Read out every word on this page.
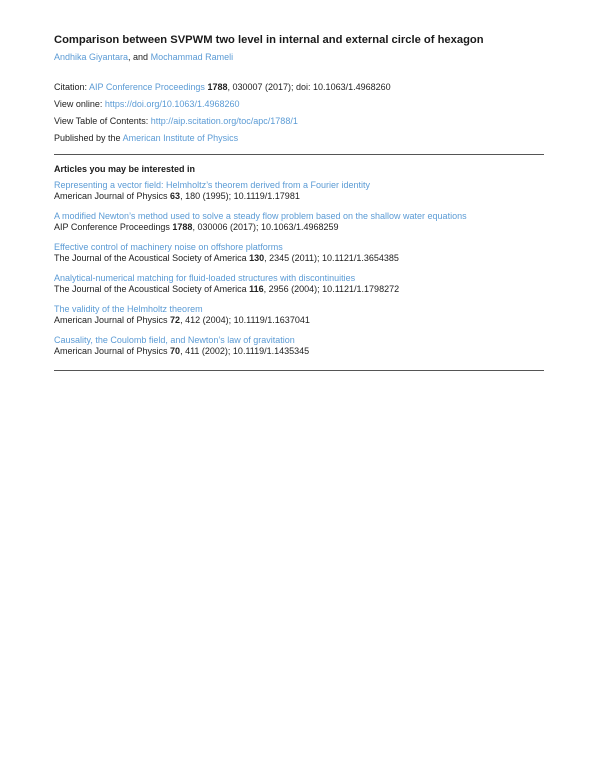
Comparison between SVPWM two level in internal and external circle of hexagon
Andhika Giyantara, and Mochammad Rameli
Citation: AIP Conference Proceedings 1788, 030007 (2017); doi: 10.1063/1.4968260
View online: https://doi.org/10.1063/1.4968260
View Table of Contents: http://aip.scitation.org/toc/apc/1788/1
Published by the American Institute of Physics
Articles you may be interested in
Representing a vector field: Helmholtz’s theorem derived from a Fourier identity
American Journal of Physics 63, 180 (1995); 10.1119/1.17981
A modified Newton’s method used to solve a steady flow problem based on the shallow water equations
AIP Conference Proceedings 1788, 030006 (2017); 10.1063/1.4968259
Effective control of machinery noise on offshore platforms
The Journal of the Acoustical Society of America 130, 2345 (2011); 10.1121/1.3654385
Analytical-numerical matching for fluid-loaded structures with discontinuities
The Journal of the Acoustical Society of America 116, 2956 (2004); 10.1121/1.1798272
The validity of the Helmholtz theorem
American Journal of Physics 72, 412 (2004); 10.1119/1.1637041
Causality, the Coulomb field, and Newton’s law of gravitation
American Journal of Physics 70, 411 (2002); 10.1119/1.1435345
